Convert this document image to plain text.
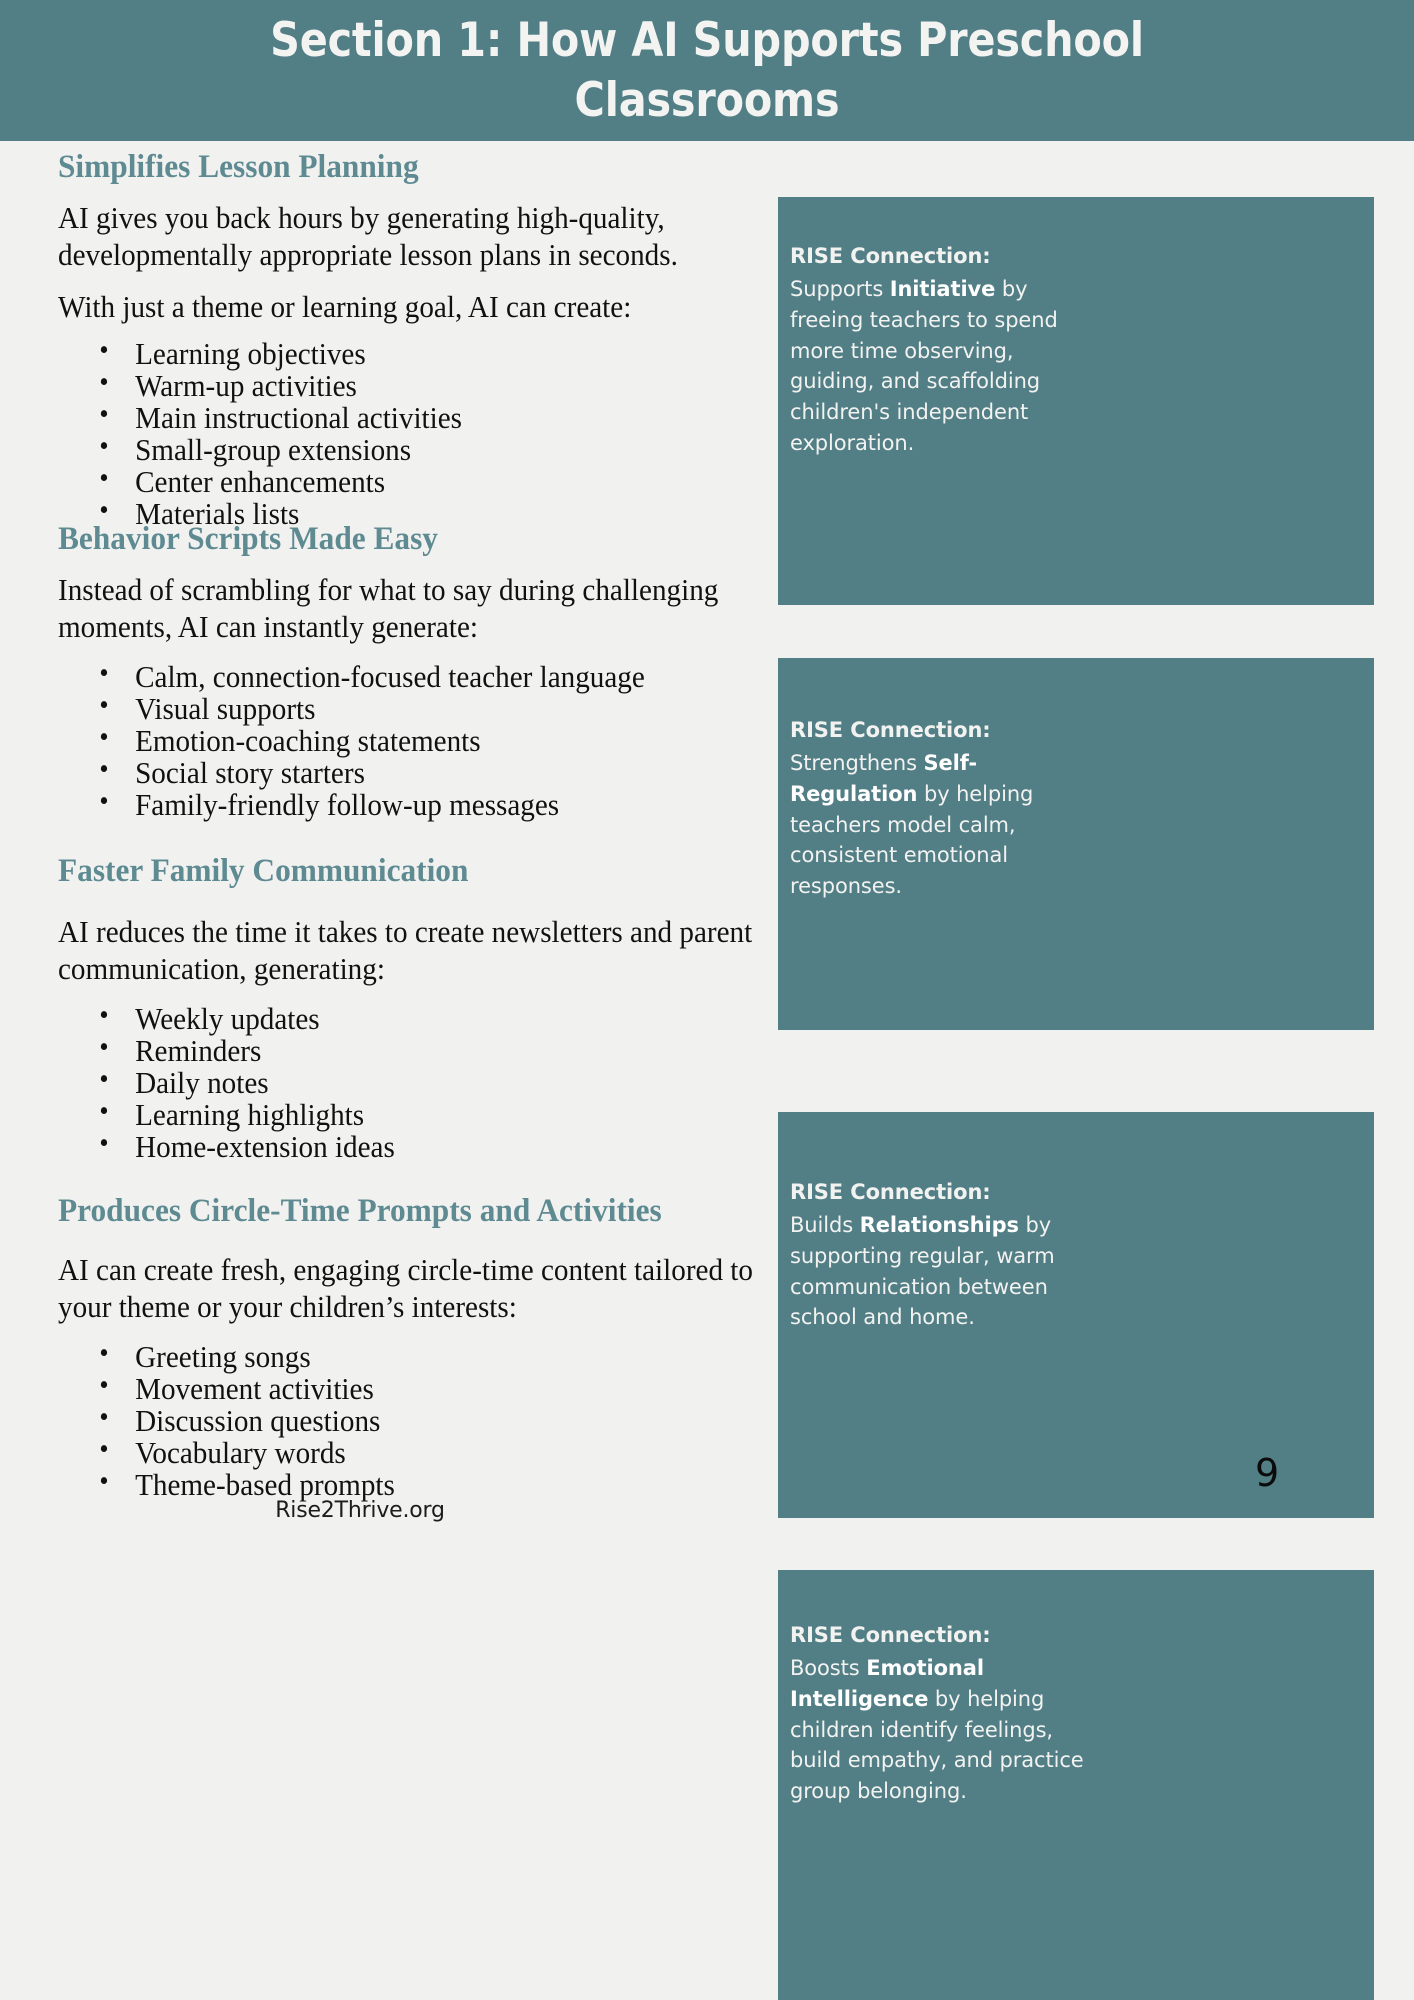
Section 1: How AI Supports Preschool Classrooms
Simplifies Lesson Planning

AI gives you back hours by generating high-quality, developmentally appropriate lesson plans in seconds.

With just a theme or learning goal, AI can create:

• Learning objectives
• Warm-up activities
• Main instructional activities
• Small-group extensions
• Center enhancements
• Materials lists
Behavior Scripts Made Easy

Instead of scrambling for what to say during challenging moments, AI can instantly generate:

• Calm, connection-focused teacher language
• Visual supports
• Emotion-coaching statements
• Social story starters
• Family-friendly follow-up messages
Faster Family Communication

AI reduces the time it takes to create newsletters and parent communication, generating:

• Weekly updates
• Reminders
• Daily notes
• Learning highlights
• Home-extension ideas
Produces Circle-Time Prompts and Activities

AI can create fresh, engaging circle-time content tailored to your theme or your children’s interests:

• Greeting songs
• Movement activities
• Discussion questions
• Vocabulary words
• Theme-based prompts
RISE Connection:
Supports Initiative by freeing teachers to spend more time observing, guiding, and scaffolding children's independent exploration.
RISE Connection:
Strengthens Self-Regulation by helping teachers model calm, consistent emotional responses.
RISE Connection:
Builds Relationships by supporting regular, warm communication between school and home.
RISE Connection:
Boosts Emotional Intelligence by helping children identify feelings, build empathy, and practice group belonging.
Rise2Thrive.org
9
